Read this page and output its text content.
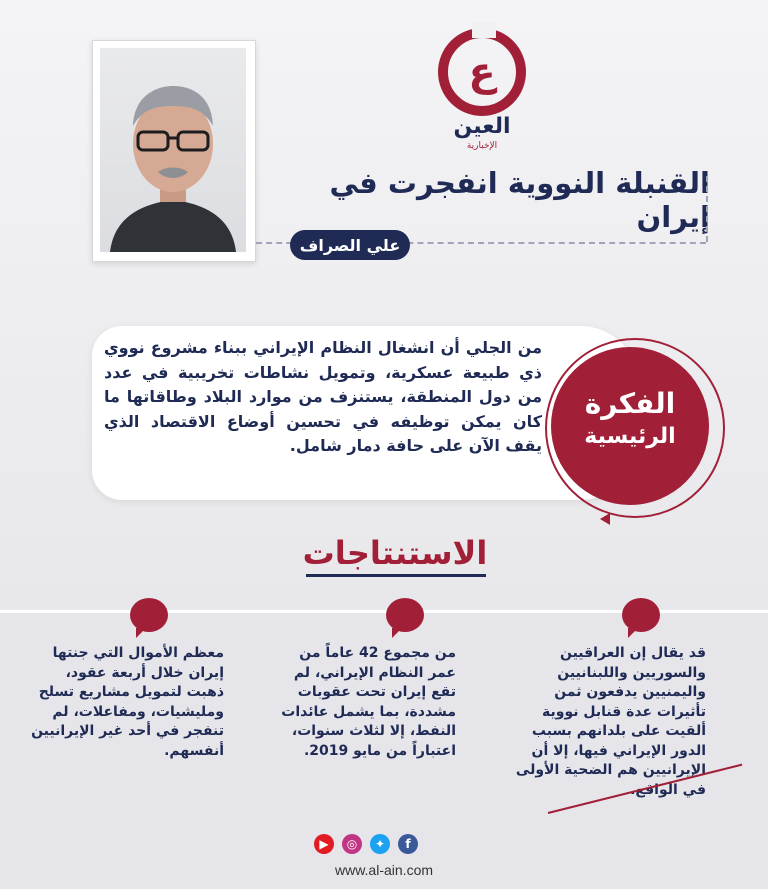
ع
العين
الإخبارية
القنبلة النووية انفجرت في إيران
علي الصراف
من الجلي أن انشغال النظام الإيراني ببناء مشروع نووي ذي طبيعة عسكرية، وتمويل نشاطات تخريبية في عدد من دول المنطقة، يستنزف من موارد البلاد وطاقاتها ما كان يمكن توظيفه في تحسين أوضاع الاقتصاد الذي يقف الآن على حافة دمار شامل.
الفكرة
الرئيسية
الاستنتاجات
قد يقال إن العراقيين والسوريين واللبنانيين واليمنيين يدفعون ثمن تأثيرات عدة قنابل نووية ألقيت على بلدانهم بسبب الدور الإيراني فيها، إلا أن الإيرانيين هم الضحية الأولى في الواقع.
من مجموع 42 عاماً من عمر النظام الإيراني، لم تقع إيران تحت عقوبات مشددة، بما يشمل عائدات النفط، إلا لثلاث سنوات، اعتباراً من مايو 2019.
معظم الأموال التي جنتها إيران خلال أربعة عقود، ذهبت لتمويل مشاريع تسلح ومليشيات، ومفاعلات، لم تنفجر في أحد غير الإيرانيين أنفسهم.
▶	◎	✦	f
www.al-ain.com
